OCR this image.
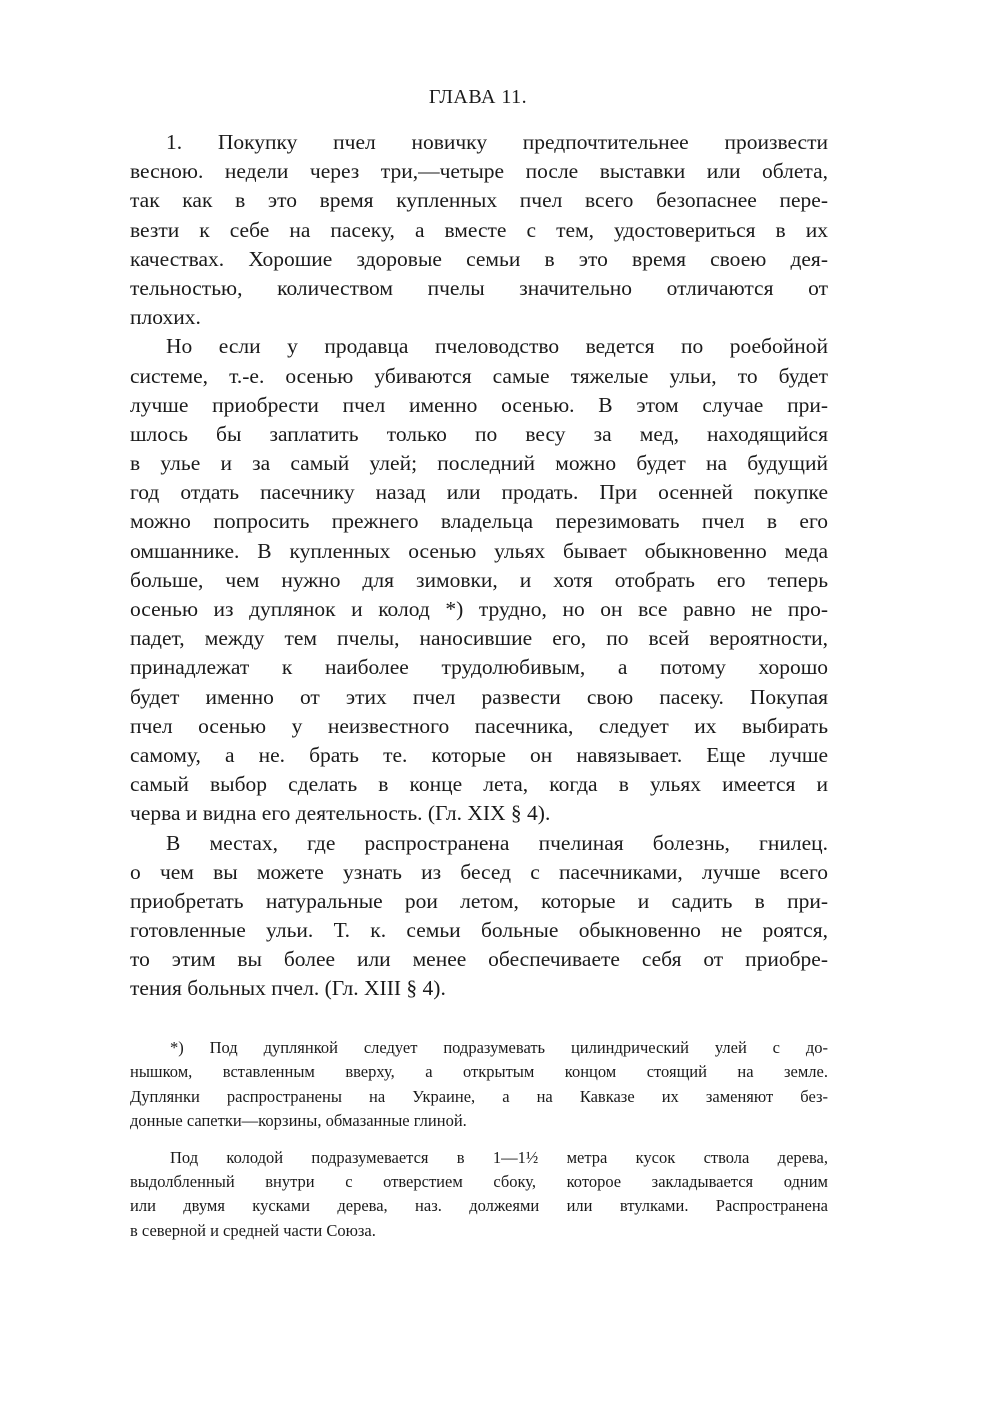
ГЛАВА 11.
1. Покупку пчел новичку предпочтительнее произвести
весною. недели через три,—четыре после выставки или облета,
так как в это время купленных пчел всего безопаснее пере-
везти к себе на пасеку, а вместе с тем, удостовериться в их
качествах. Хорошие здоровые семьи в это время своею дея-
тельностью, количеством пчелы значительно отличаются от
плохих.
Но если у продавца пчеловодство ведется по роебойной
системе, т.-е. осенью убиваются самые тяжелые ульи, то будет
лучше приобрести пчел именно осенью. В этом случае при-
шлось бы заплатить только по весу за мед, находящийся
в улье и за самый улей; последний можно будет на будущий
год отдать пасечнику назад или продать. При осенней покупке
можно попросить прежнего владельца перезимовать пчел в его
омшаннике. В купленных осенью ульях бывает обыкновенно меда
больше, чем нужно для зимовки, и хотя отобрать его теперь
осенью из дуплянок и колод *) трудно, но он все равно не про-
падет, между тем пчелы, наносившие его, по всей вероятности,
принадлежат к наиболее трудолюбивым, а потому хорошо
будет именно от этих пчел развести свою пасеку. Покупая
пчел осенью у неизвестного пасечника, следует их выбирать
самому, а не. брать те. которые он навязывает. Еще лучше
самый выбор сделать в конце лета, когда в ульях имеется и
черва и видна его деятельность. (Гл. XIX § 4).
В местах, где распространена пчелиная болезнь, гнилец.
о чем вы можете узнать из бесед с пасечниками, лучше всего
приобретать натуральные рои летом, которые и садить в при-
готовленные ульи. Т. к. семьи больные обыкновенно не роятся,
то этим вы более или менее обеспечиваете себя от приобре-
тения больных пчел. (Гл. XIII § 4).
*) Под дуплянкой следует подразумевать цилиндрический улей с до-
нышком, вставленным вверху, а открытым концом стоящий на земле.
Дуплянки распространены на Украине, а на Кавказе их заменяют без-
донные сапетки—корзины, обмазанные глиной.
Под колодой подразумевается в 1—1½ метра кусок ствола дерева,
выдолбленный внутри с отверстием сбоку, которое закладывается одним
или двумя кусками дерева, наз. должеями или втулками. Распространена
в северной и средней части Союза.
